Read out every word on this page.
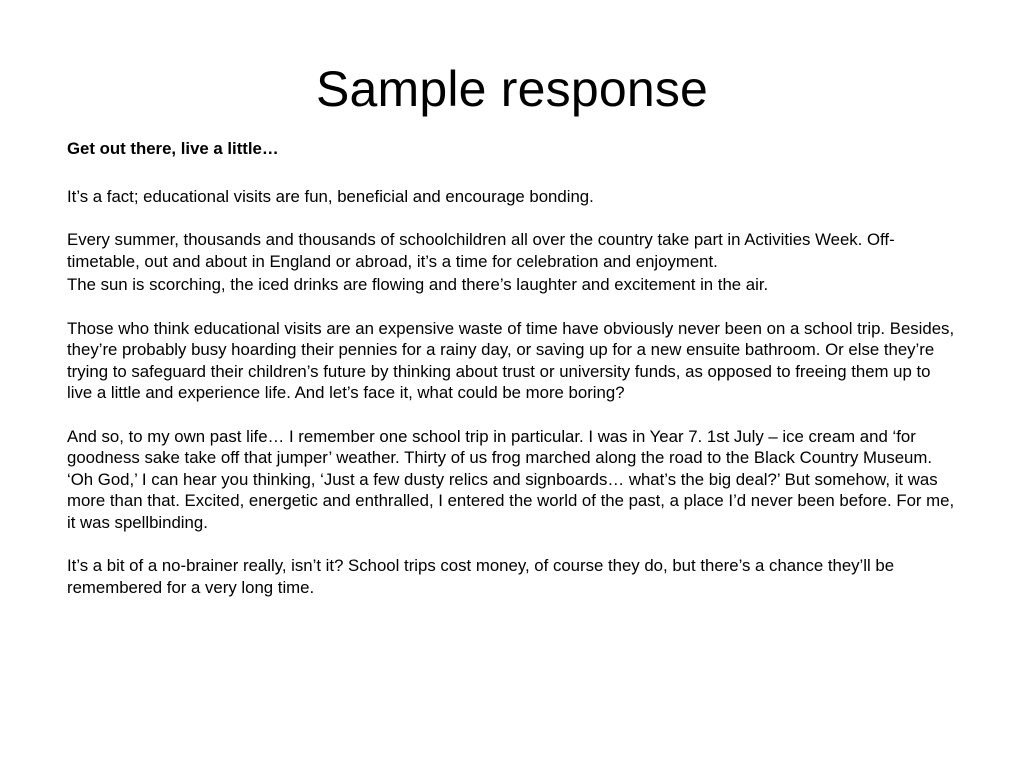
Sample response

Get out there, live a little…

It’s a fact; educational visits are fun, beneficial and encourage bonding.

Every summer, thousands and thousands of schoolchildren all over the country take part in Activities Week. Off-timetable, out and about in England or abroad, it’s a time for celebration and enjoyment.

The sun is scorching, the iced drinks are flowing and there’s laughter and excitement in the air.

Those who think educational visits are an expensive waste of time have obviously never been on a school trip. Besides, they’re probably busy hoarding their pennies for a rainy day, or saving up for a new ensuite bathroom. Or else they’re trying to safeguard their children’s future by thinking about trust or university funds, as opposed to freeing them up to live a little and experience life. And let’s face it, what could be more boring?

And so, to my own past life… I remember one school trip in particular. I was in Year 7. 1st July – ice cream and ‘for goodness sake take off that jumper’ weather. Thirty of us frog marched along the road to the Black Country Museum. ‘Oh God,’ I can hear you thinking, ‘Just a few dusty relics and signboards… what’s the big deal?’ But somehow, it was more than that. Excited, energetic and enthralled, I entered the world of the past, a place I’d never been before. For me, it was spellbinding.

It’s a bit of a no-brainer really, isn’t it? School trips cost money, of course they do, but there’s a chance they’ll be remembered for a very long time.
